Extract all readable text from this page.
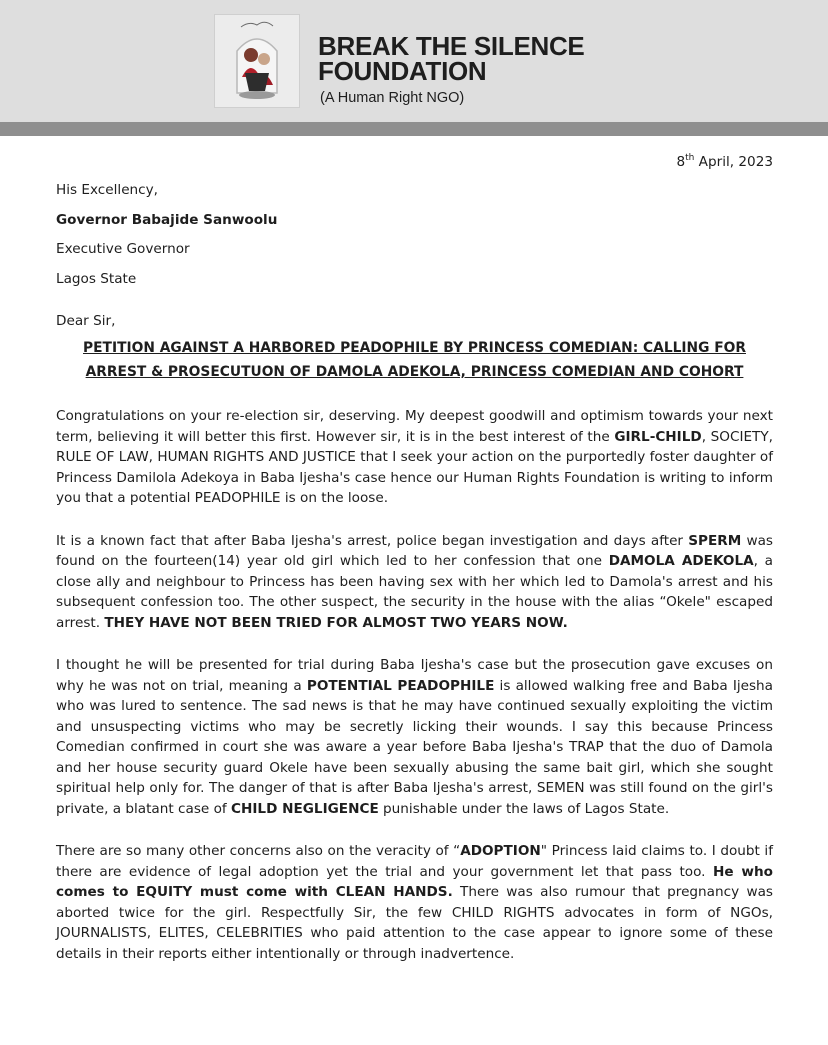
BREAK THE SILENCE
FOUNDATION
(A Human Right NGO)

8th April, 2023

His Excellency,

Governor Babajide Sanwoolu

Executive Governor

Lagos State

Dear Sir,

PETITION AGAINST A HARBORED PEADOPHILE BY PRINCESS COMEDIAN: CALLING FOR
ARREST & PROSECUTUON OF DAMOLA ADEKOLA, PRINCESS COMEDIAN AND COHORT

Congratulations on your re-election sir, deserving. My deepest goodwill and optimism towards your next term, believing it will better this first. However sir, it is in the best interest of the GIRL-CHILD, SOCIETY, RULE OF LAW, HUMAN RIGHTS AND JUSTICE that I seek your action on the purportedly foster daughter of Princess Damilola Adekoya in Baba Ijesha's case hence our Human Rights Foundation is writing to inform you that a potential PEADOPHILE is on the loose.

It is a known fact that after Baba Ijesha's arrest, police began investigation and days after SPERM was found on the fourteen(14) year old girl which led to her confession that one DAMOLA ADEKOLA, a close ally and neighbour to Princess has been having sex with her which led to Damola's arrest and his subsequent confession too. The other suspect, the security in the house with the alias “Okele" escaped arrest. THEY HAVE NOT BEEN TRIED FOR ALMOST TWO YEARS NOW.

I thought he will be presented for trial during Baba Ijesha's case but the prosecution gave excuses on why he was not on trial, meaning a POTENTIAL PEADOPHILE is allowed walking free and Baba Ijesha who was lured to sentence. The sad news is that he may have continued sexually exploiting the victim and unsuspecting victims who may be secretly licking their wounds. I say this because Princess Comedian confirmed in court she was aware a year before Baba Ijesha's TRAP that the duo of Damola and her house security guard Okele have been sexually abusing the same bait girl, which she sought spiritual help only for. The danger of that is after Baba Ijesha's arrest, SEMEN was still found on the girl's private, a blatant case of CHILD NEGLIGENCE punishable under the laws of Lagos State.

There are so many other concerns also on the veracity of “ADOPTION" Princess laid claims to. I doubt if there are evidence of legal adoption yet the trial and your government let that pass too. He who comes to EQUITY must come with CLEAN HANDS. There was also rumour that pregnancy was aborted twice for the girl. Respectfully Sir, the few CHILD RIGHTS advocates in form of NGOs, JOURNALISTS, ELITES, CELEBRITIES who paid attention to the case appear to ignore some of these details in their reports either intentionally or through inadvertence.
